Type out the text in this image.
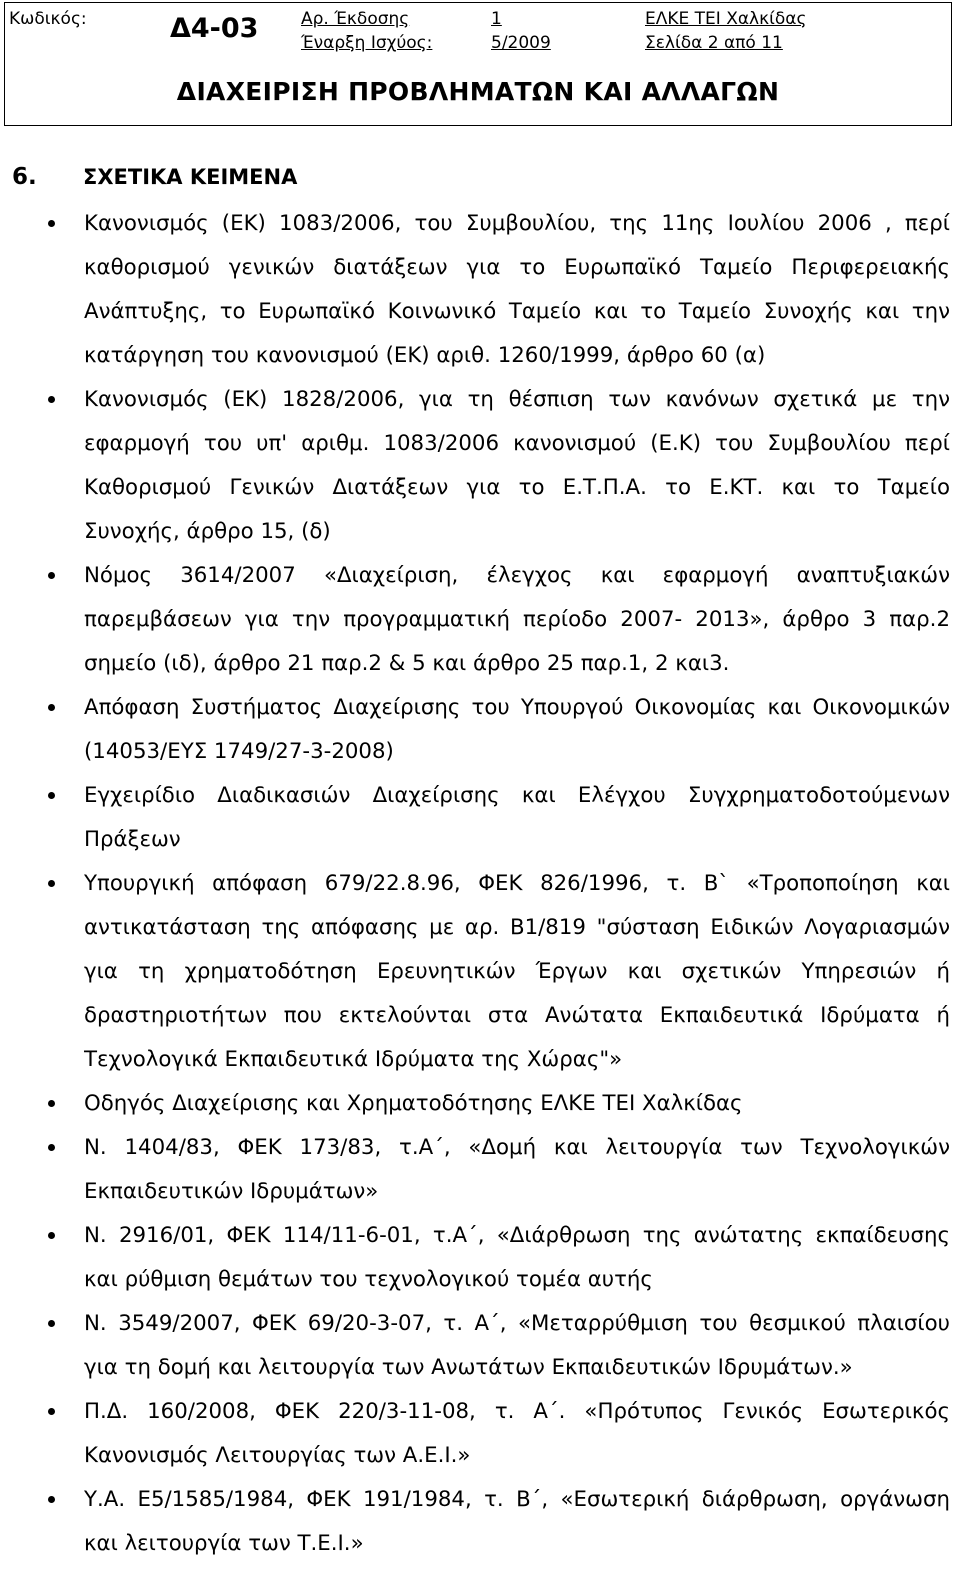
Κωδικός:	Δ4-03	Αρ. Έκδοσης	1	ΕΛΚΕ ΤΕΙ Χαλκίδας
Έναρξη Ισχύος:	5/2009	Σελίδα 2 από 11
ΔΙΑΧΕΙΡΙΣΗ ΠΡΟΒΛΗΜΑΤΩΝ ΚΑΙ ΑΛΛΑΓΩΝ
6. ΣΧΕΤΙΚΑ ΚΕΙΜΕΝΑ
Κανονισμός (ΕΚ) 1083/2006, του Συμβουλίου, της 11ης Ιουλίου 2006 , περί
καθορισμού γενικών διατάξεων για το Ευρωπαϊκό Ταμείο Περιφερειακής
Ανάπτυξης, το Ευρωπαϊκό Κοινωνικό Ταμείο και το Ταμείο Συνοχής και την
κατάργηση του κανονισμού (ΕΚ) αριθ. 1260/1999, άρθρο 60 (α)
Κανονισμός (ΕΚ) 1828/2006, για τη θέσπιση των κανόνων σχετικά με την
εφαρμογή του υπ' αριθμ. 1083/2006 κανονισμού (Ε.Κ) του Συμβουλίου περί
Καθορισμού Γενικών Διατάξεων για το Ε.Τ.Π.Α. το Ε.ΚΤ. και το Ταμείο
Συνοχής, άρθρο 15, (δ)
Νόμος 3614/2007 «Διαχείριση, έλεγχος και εφαρμογή αναπτυξιακών
παρεμβάσεων για την προγραμματική περίοδο 2007- 2013», άρθρο 3 παρ.2
σημείο (ιδ), άρθρο 21 παρ.2 & 5 και άρθρο 25 παρ.1, 2 και3.
Απόφαση Συστήματος Διαχείρισης του Υπουργού Οικονομίας και Οικονομικών
(14053/ΕΥΣ 1749/27-3-2008)
Εγχειρίδιο Διαδικασιών Διαχείρισης και Ελέγχου Συγχρηματοδοτούμενων
Πράξεων
Υπουργική απόφαση 679/22.8.96, ΦΕΚ 826/1996, τ. Β` «Τροποποίηση και
αντικατάσταση της απόφασης με αρ. Β1/819 "σύσταση Ειδικών Λογαριασμών
για τη χρηματοδότηση Ερευνητικών Έργων και σχετικών Υπηρεσιών ή
δραστηριοτήτων που εκτελούνται στα Ανώτατα Εκπαιδευτικά Ιδρύματα ή
Τεχνολογικά Εκπαιδευτικά Ιδρύματα της Χώρας"»
Οδηγός Διαχείρισης και Χρηματοδότησης ΕΛΚΕ ΤΕΙ Χαλκίδας
Ν. 1404/83, ΦΕΚ 173/83, τ.Α΄, «Δομή και λειτουργία των Τεχνολογικών
Εκπαιδευτικών Ιδρυμάτων»
Ν. 2916/01, ΦΕΚ 114/11-6-01, τ.Α΄, «Διάρθρωση της ανώτατης εκπαίδευσης
και ρύθμιση θεμάτων του τεχνολογικού τομέα αυτής
Ν. 3549/2007, ΦΕΚ 69/20-3-07, τ. Α΄, «Μεταρρύθμιση του θεσμικού πλαισίου
για τη δομή και λειτουργία των Ανωτάτων Εκπαιδευτικών Ιδρυμάτων.»
Π.Δ. 160/2008, ΦΕΚ 220/3-11-08, τ. Α΄. «Πρότυπος Γενικός Εσωτερικός
Κανονισμός Λειτουργίας των Α.Ε.Ι.»
Υ.Α. Ε5/1585/1984, ΦΕΚ 191/1984, τ. Β΄, «Εσωτερική διάρθρωση, οργάνωση
και λειτουργία των Τ.Ε.Ι.»
